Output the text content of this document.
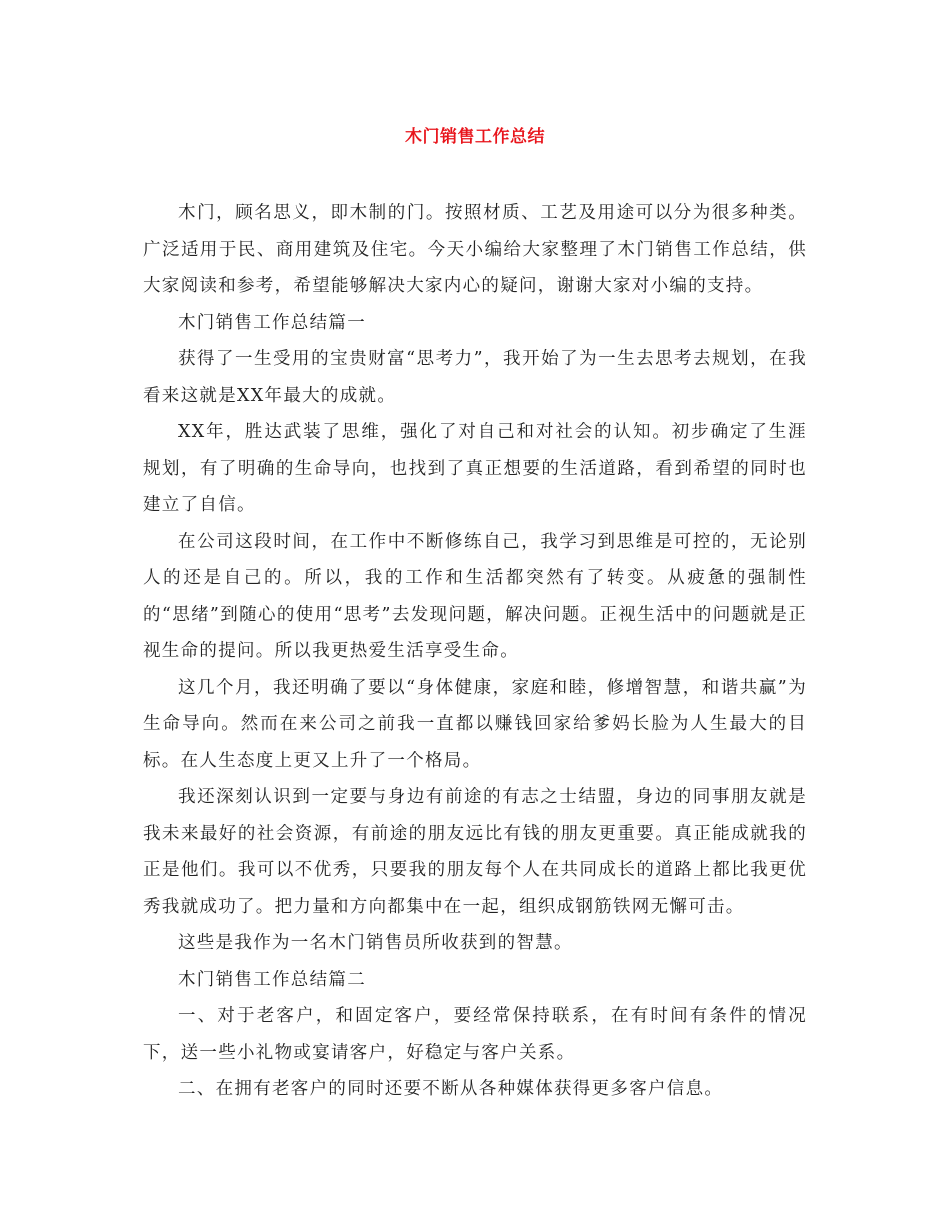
木门销售工作总结

木门，顾名思义，即木制的门。按照材质、工艺及用途可以分为很多种类。广泛适用于民、商用建筑及住宅。今天小编给大家整理了木门销售工作总结，供大家阅读和参考，希望能够解决大家内心的疑问，谢谢大家对小编的支持。

木门销售工作总结篇一

获得了一生受用的宝贵财富“思考力”，我开始了为一生去思考去规划，在我看来这就是XX年最大的成就。

XX年，胜达武装了思维，强化了对自己和对社会的认知。初步确定了生涯规划，有了明确的生命导向，也找到了真正想要的生活道路，看到希望的同时也建立了自信。

在公司这段时间，在工作中不断修练自己，我学习到思维是可控的，无论别人的还是自己的。所以，我的工作和生活都突然有了转变。从疲惫的强制性的“思绪”到随心的使用“思考”去发现问题，解决问题。正视生活中的问题就是正视生命的提问。所以我更热爱生活享受生命。

这几个月，我还明确了要以“身体健康，家庭和睦，修增智慧，和谐共赢”为生命导向。然而在来公司之前我一直都以赚钱回家给爹妈长脸为人生最大的目标。在人生态度上更又上升了一个格局。

我还深刻认识到一定要与身边有前途的有志之士结盟，身边的同事朋友就是我未来最好的社会资源，有前途的朋友远比有钱的朋友更重要。真正能成就我的正是他们。我可以不优秀，只要我的朋友每个人在共同成长的道路上都比我更优秀我就成功了。把力量和方向都集中在一起，组织成钢筋铁网无懈可击。

这些是我作为一名木门销售员所收获到的智慧。

木门销售工作总结篇二

一、对于老客户，和固定客户，要经常保持联系，在有时间有条件的情况下，送一些小礼物或宴请客户，好稳定与客户关系。

二、在拥有老客户的同时还要不断从各种媒体获得更多客户信息。
